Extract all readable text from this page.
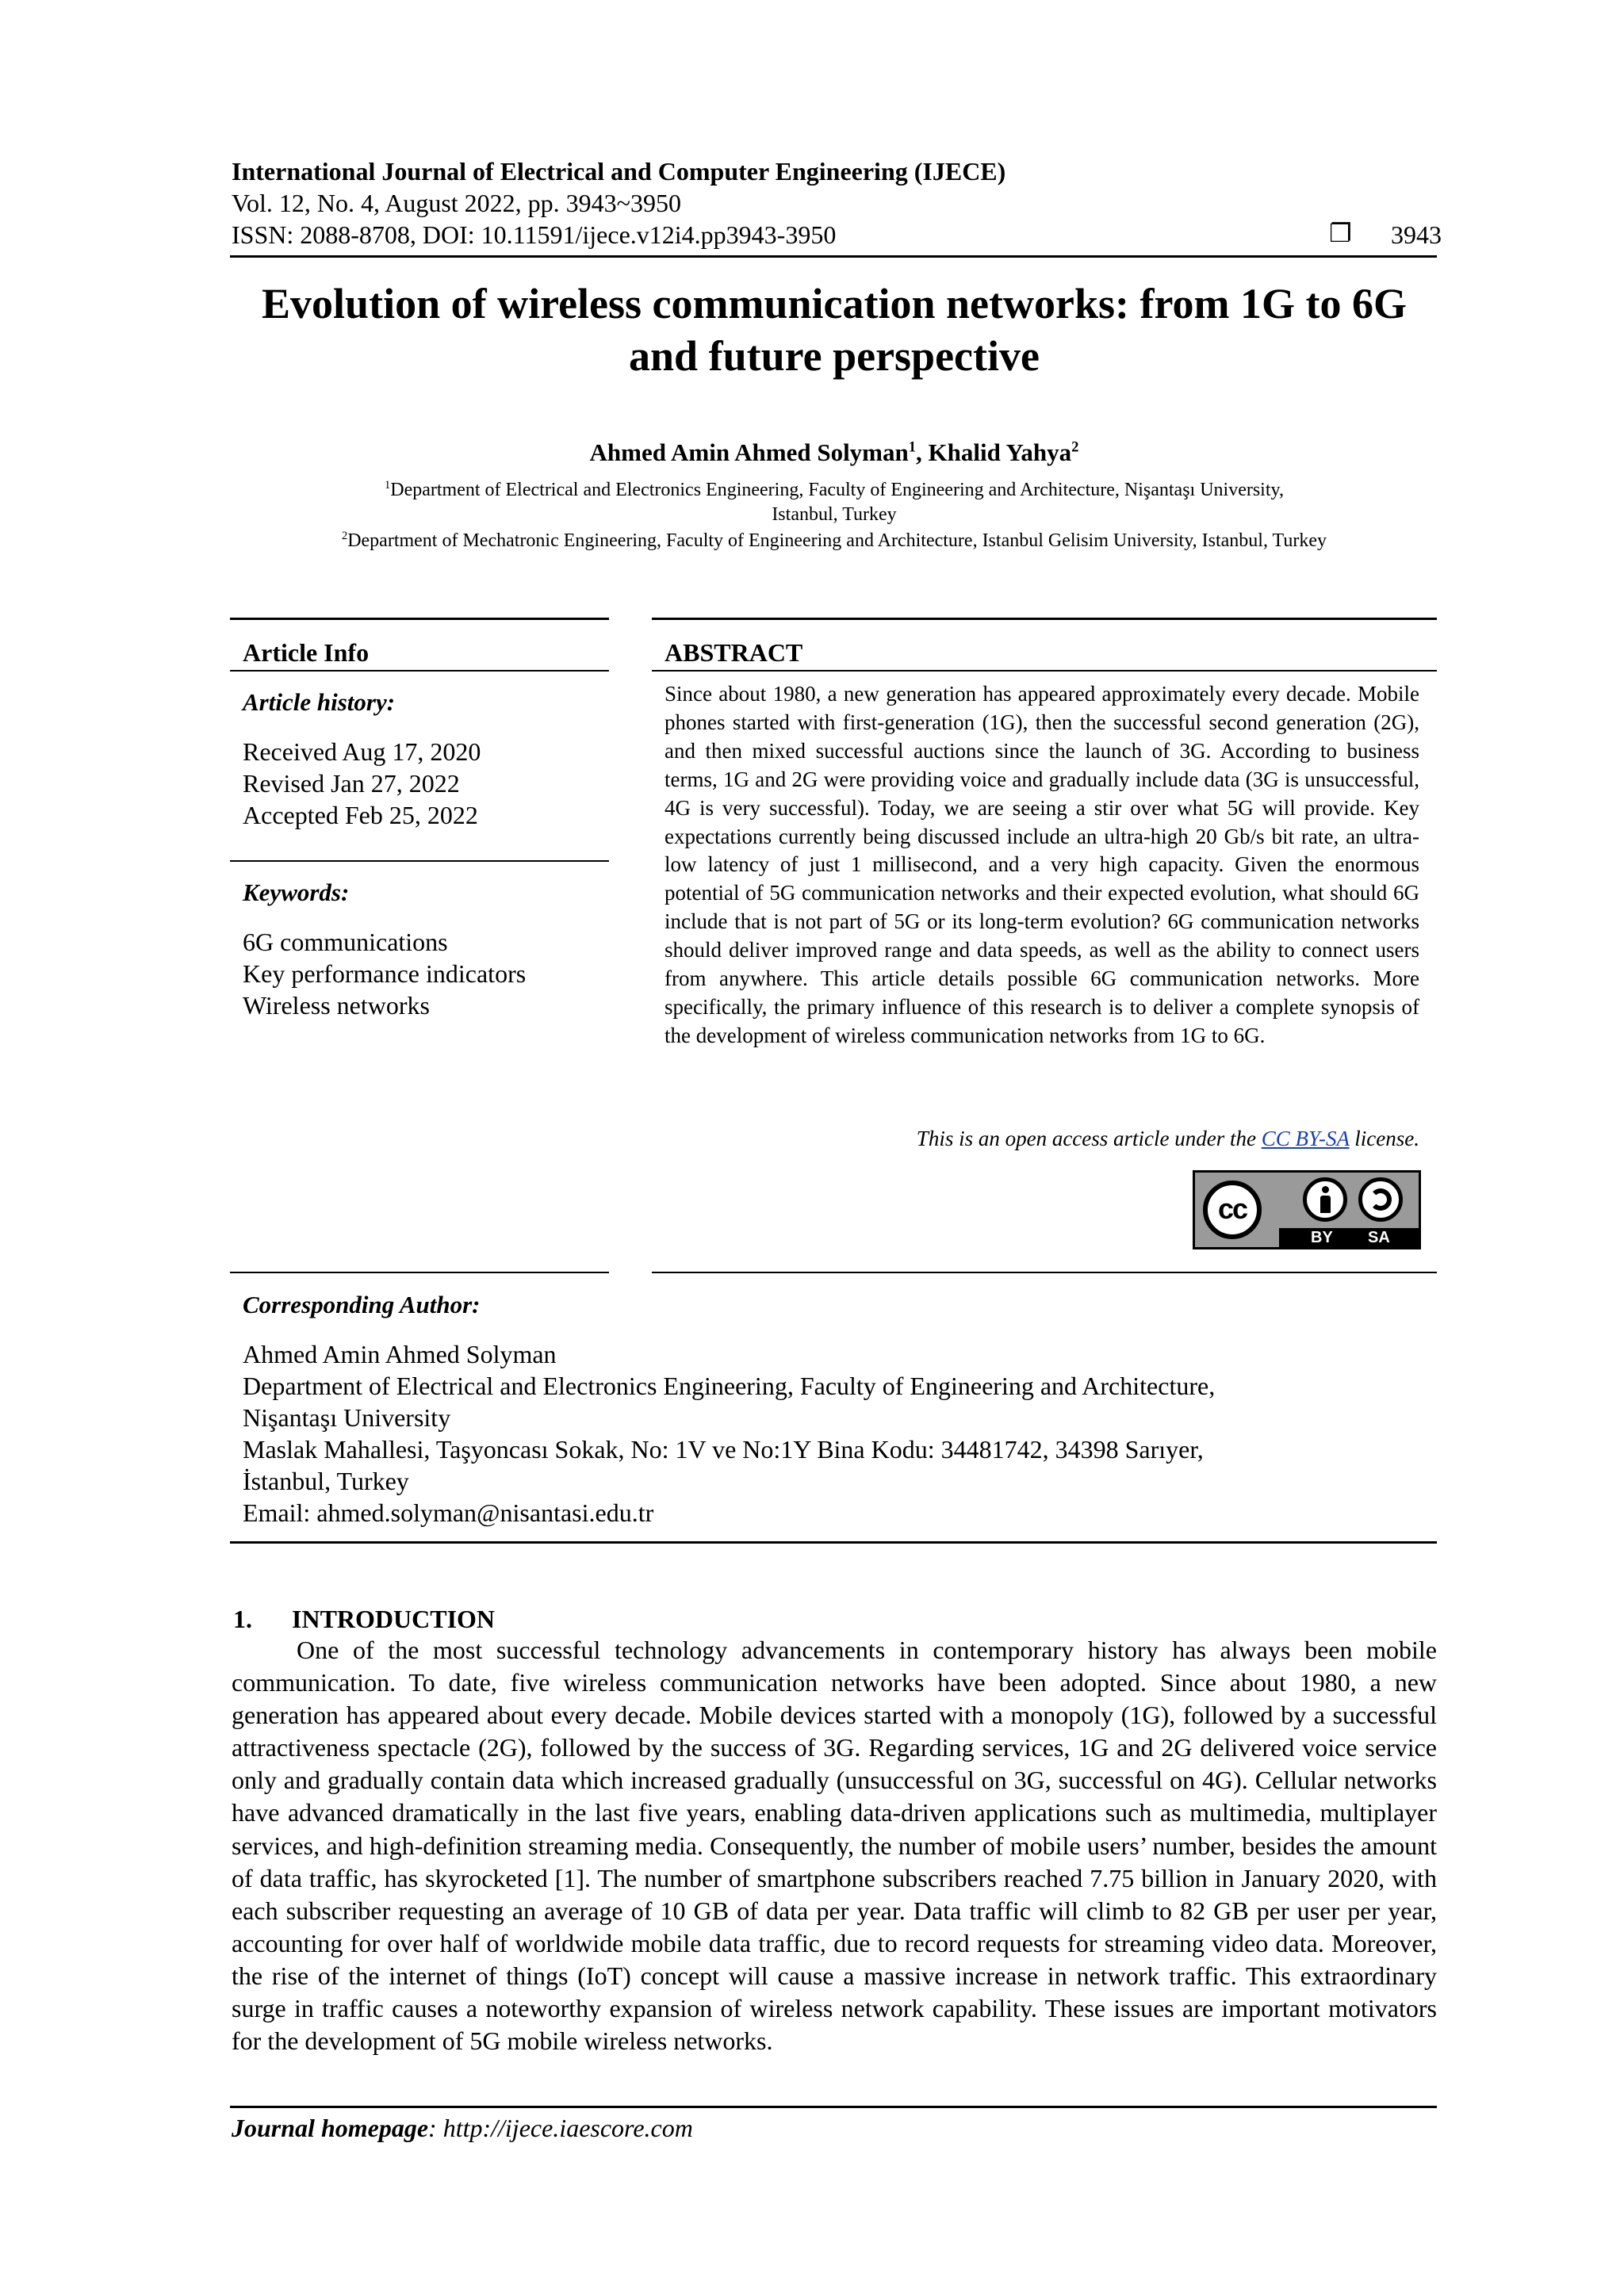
International Journal of Electrical and Computer Engineering (IJECE)
Vol. 12, No. 4, August 2022, pp. 3943~3950
ISSN: 2088-8708, DOI: 10.11591/ijece.v12i4.pp3943-3950	❐ 3943
Evolution of wireless communication networks: from 1G to 6G
and future perspective
Ahmed Amin Ahmed Solyman$^1$, Khalid Yahya$^2$
$^1$Department of Electrical and Electronics Engineering, Faculty of Engineering and Architecture, Nişantaşı University,
Istanbul, Turkey
$^2$Department of Mechatronic Engineering, Faculty of Engineering and Architecture, Istanbul Gelisim University, Istanbul, Turkey
Article Info
Article history:
Received Aug 17, 2020
Revised Jan 27, 2022
Accepted Feb 25, 2022
Keywords:
6G communications
Key performance indicators
Wireless networks
ABSTRACT
Since about 1980, a new generation has appeared approximately every decade. Mobile phones started with first-generation (1G), then the successful second generation (2G), and then mixed successful auctions since the launch of 3G. According to business terms, 1G and 2G were providing voice and gradually include data (3G is unsuccessful, 4G is very successful). Today, we are seeing a stir over what 5G will provide. Key expectations currently being discussed include an ultra-high 20 Gb/s bit rate, an ultra-low latency of just 1 millisecond, and a very high capacity. Given the enormous potential of 5G communication networks and their expected evolution, what should 6G include that is not part of 5G or its long-term evolution? 6G communication networks should deliver improved range and data speeds, as well as the ability to connect users from anywhere. This article details possible 6G communication networks. More specifically, the primary influence of this research is to deliver a complete synopsis of the development of wireless communication networks from 1G to 6G.
This is an open access article under the CC BY-SA license.
cc
BY SA
Corresponding Author:
Ahmed Amin Ahmed Solyman
Department of Electrical and Electronics Engineering, Faculty of Engineering and Architecture,
Nişantaşı University
Maslak Mahallesi, Taşyoncası Sokak, No: 1V ve No:1Y Bina Kodu: 34481742, 34398 Sarıyer,
İstanbul, Turkey
Email: ahmed.solyman@nisantasi.edu.tr
1. INTRODUCTION
One of the most successful technology advancements in contemporary history has always been mobile communication. To date, five wireless communication networks have been adopted. Since about 1980, a new generation has appeared about every decade. Mobile devices started with a monopoly (1G), followed by a successful attractiveness spectacle (2G), followed by the success of 3G. Regarding services, 1G and 2G delivered voice service only and gradually contain data which increased gradually (unsuccessful on 3G, successful on 4G). Cellular networks have advanced dramatically in the last five years, enabling data-driven applications such as multimedia, multiplayer services, and high-definition streaming media. Consequently, the number of mobile users’ number, besides the amount of data traffic, has skyrocketed [1]. The number of smartphone subscribers reached 7.75 billion in January 2020, with each subscriber requesting an average of 10 GB of data per year. Data traffic will climb to 82 GB per user per year, accounting for over half of worldwide mobile data traffic, due to record requests for streaming video data. Moreover, the rise of the internet of things (IoT) concept will cause a massive increase in network traffic. This extraordinary surge in traffic causes a noteworthy expansion of wireless network capability. These issues are important motivators for the development of 5G mobile wireless networks.
Journal homepage: http://ijece.iaescore.com
